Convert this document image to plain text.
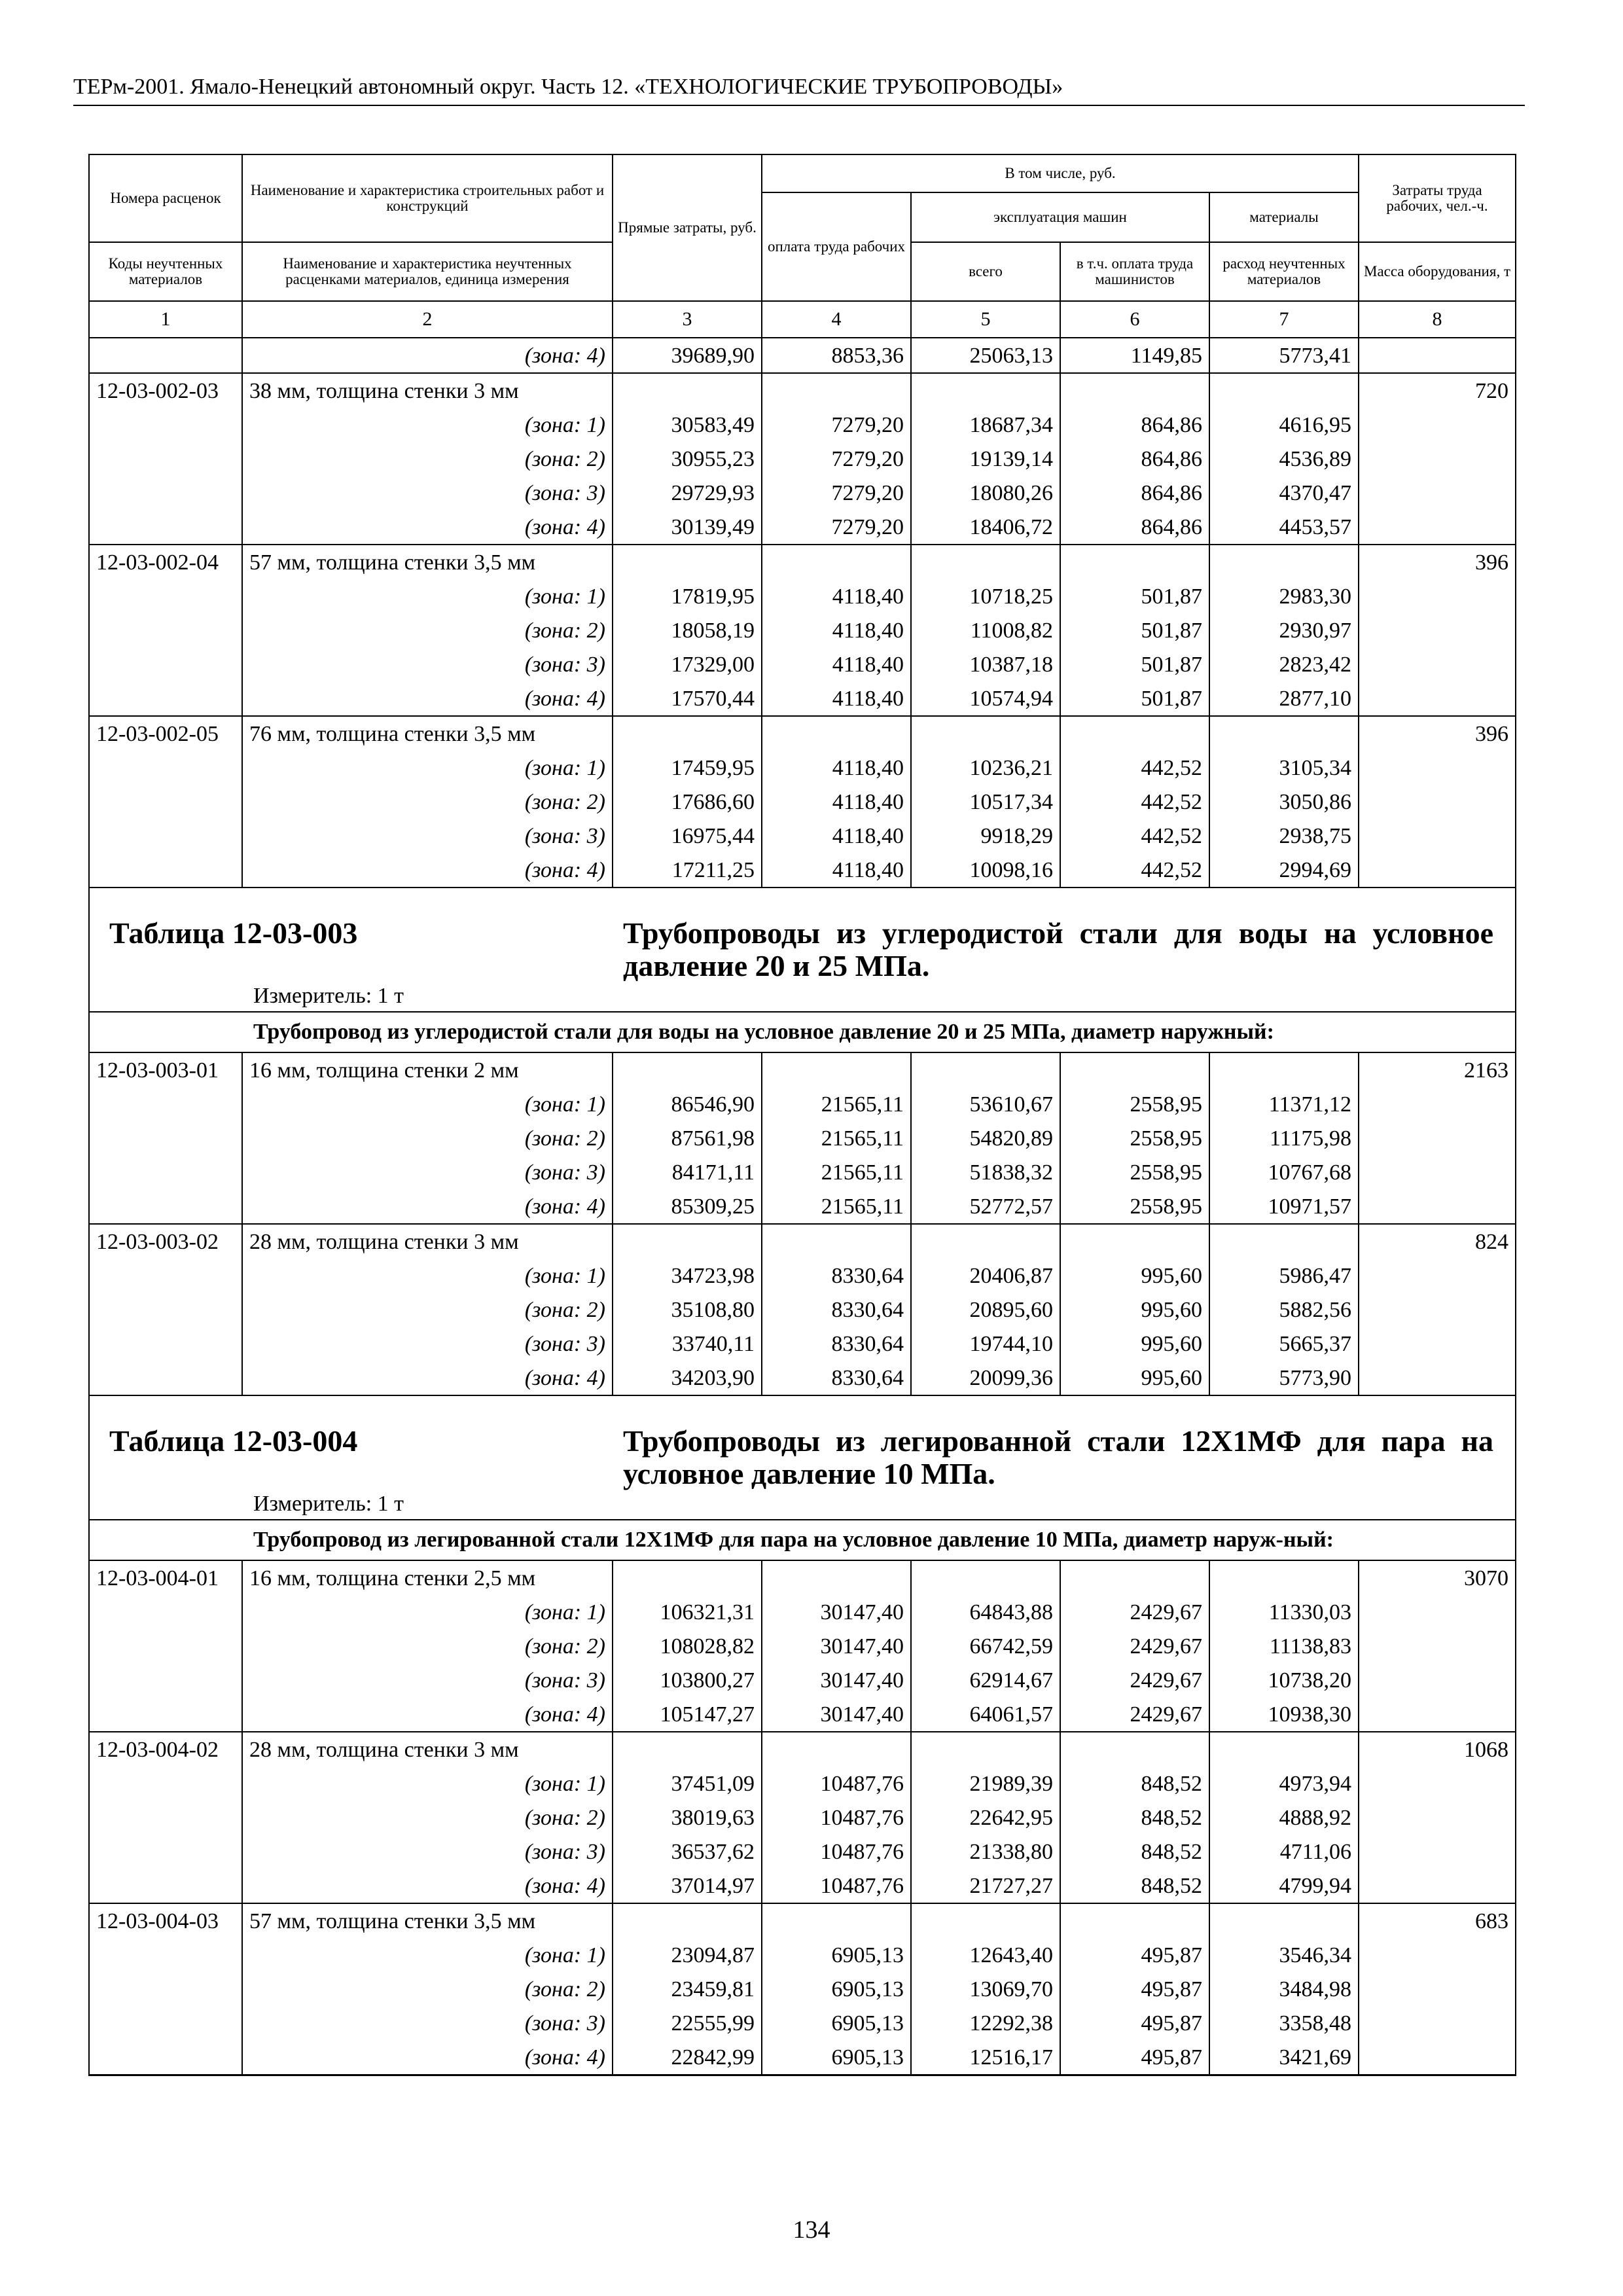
ТЕРм-2001. Ямало-Ненецкий автономный округ. Часть 12. «ТЕХНОЛОГИЧЕСКИЕ ТРУБОПРОВОДЫ»
Номера расценок	Наименование и характеристика строительных работ и конструкций	Прямые затраты, руб.	В том числе, руб.				Затраты труда рабочих, чел.-ч.
			оплата труда рабочих	эксплуатация машин		материалы	
Коды неучтенных материалов	Наименование и характеристика неучтенных расценками материалов, единица измерения			всего	в т.ч. оплата труда машинистов	расход неучтенных материалов	Масса оборудования, т

1	2	3	4	5	6	7	8
	(зона: 4)	39689,90	8853,36	25063,13	1149,85	5773,41	
12-03-002-03	38 мм, толщина стенки 3 мм						720
	(зона: 1)	30583,49	7279,20	18687,34	864,86	4616,95	
	(зона: 2)	30955,23	7279,20	19139,14	864,86	4536,89	
	(зона: 3)	29729,93	7279,20	18080,26	864,86	4370,47	
	(зона: 4)	30139,49	7279,20	18406,72	864,86	4453,57	
12-03-002-04	57 мм, толщина стенки 3,5 мм						396
	(зона: 1)	17819,95	4118,40	10718,25	501,87	2983,30	
	(зона: 2)	18058,19	4118,40	11008,82	501,87	2930,97	
	(зона: 3)	17329,00	4118,40	10387,18	501,87	2823,42	
	(зона: 4)	17570,44	4118,40	10574,94	501,87	2877,10	
12-03-002-05	76 мм, толщина стенки 3,5 мм						396
	(зона: 1)	17459,95	4118,40	10236,21	442,52	3105,34	
	(зона: 2)	17686,60	4118,40	10517,34	442,52	3050,86	
	(зона: 3)	16975,44	4118,40	9918,29	442,52	2938,75	
	(зона: 4)	17211,25	4118,40	10098,16	442,52	2994,69	

Таблица 12-03-003 Трубопроводы из углеродистой стали для воды на условное давление 20 и 25 МПа.
Измеритель: 1 т							

Трубопровод из углеродистой стали для воды на условное давление 20 и 25 МПа, диаметр наружный:							

12-03-003-01	16 мм, толщина стенки 2 мм						2163
	(зона: 1)	86546,90	21565,11	53610,67	2558,95	11371,12	
	(зона: 2)	87561,98	21565,11	54820,89	2558,95	11175,98	
	(зона: 3)	84171,11	21565,11	51838,32	2558,95	10767,68	
	(зона: 4)	85309,25	21565,11	52772,57	2558,95	10971,57	
12-03-003-02	28 мм, толщина стенки 3 мм						824
	(зона: 1)	34723,98	8330,64	20406,87	995,60	5986,47	
	(зона: 2)	35108,80	8330,64	20895,60	995,60	5882,56	
	(зона: 3)	33740,11	8330,64	19744,10	995,60	5665,37	
	(зона: 4)	34203,90	8330,64	20099,36	995,60	5773,90	

Таблица 12-03-004 Трубопроводы из легированной стали 12Х1МФ для пара на условное давление 10 МПа.
Измеритель: 1 т							

Трубопровод из легированной стали 12Х1МФ для пара на условное давление 10 МПа, диаметр наруж-ный:							

12-03-004-01	16 мм, толщина стенки 2,5 мм						3070
	(зона: 1)	106321,31	30147,40	64843,88	2429,67	11330,03	
	(зона: 2)	108028,82	30147,40	66742,59	2429,67	11138,83	
	(зона: 3)	103800,27	30147,40	62914,67	2429,67	10738,20	
	(зона: 4)	105147,27	30147,40	64061,57	2429,67	10938,30	
12-03-004-02	28 мм, толщина стенки 3 мм						1068
	(зона: 1)	37451,09	10487,76	21989,39	848,52	4973,94	
	(зона: 2)	38019,63	10487,76	22642,95	848,52	4888,92	
	(зона: 3)	36537,62	10487,76	21338,80	848,52	4711,06	
	(зона: 4)	37014,97	10487,76	21727,27	848,52	4799,94	
12-03-004-03	57 мм, толщина стенки 3,5 мм						683
	(зона: 1)	23094,87	6905,13	12643,40	495,87	3546,34	
	(зона: 2)	23459,81	6905,13	13069,70	495,87	3484,98	
	(зона: 3)	22555,99	6905,13	12292,38	495,87	3358,48	
	(зона: 4)	22842,99	6905,13	12516,17	495,87	3421,69	
134
